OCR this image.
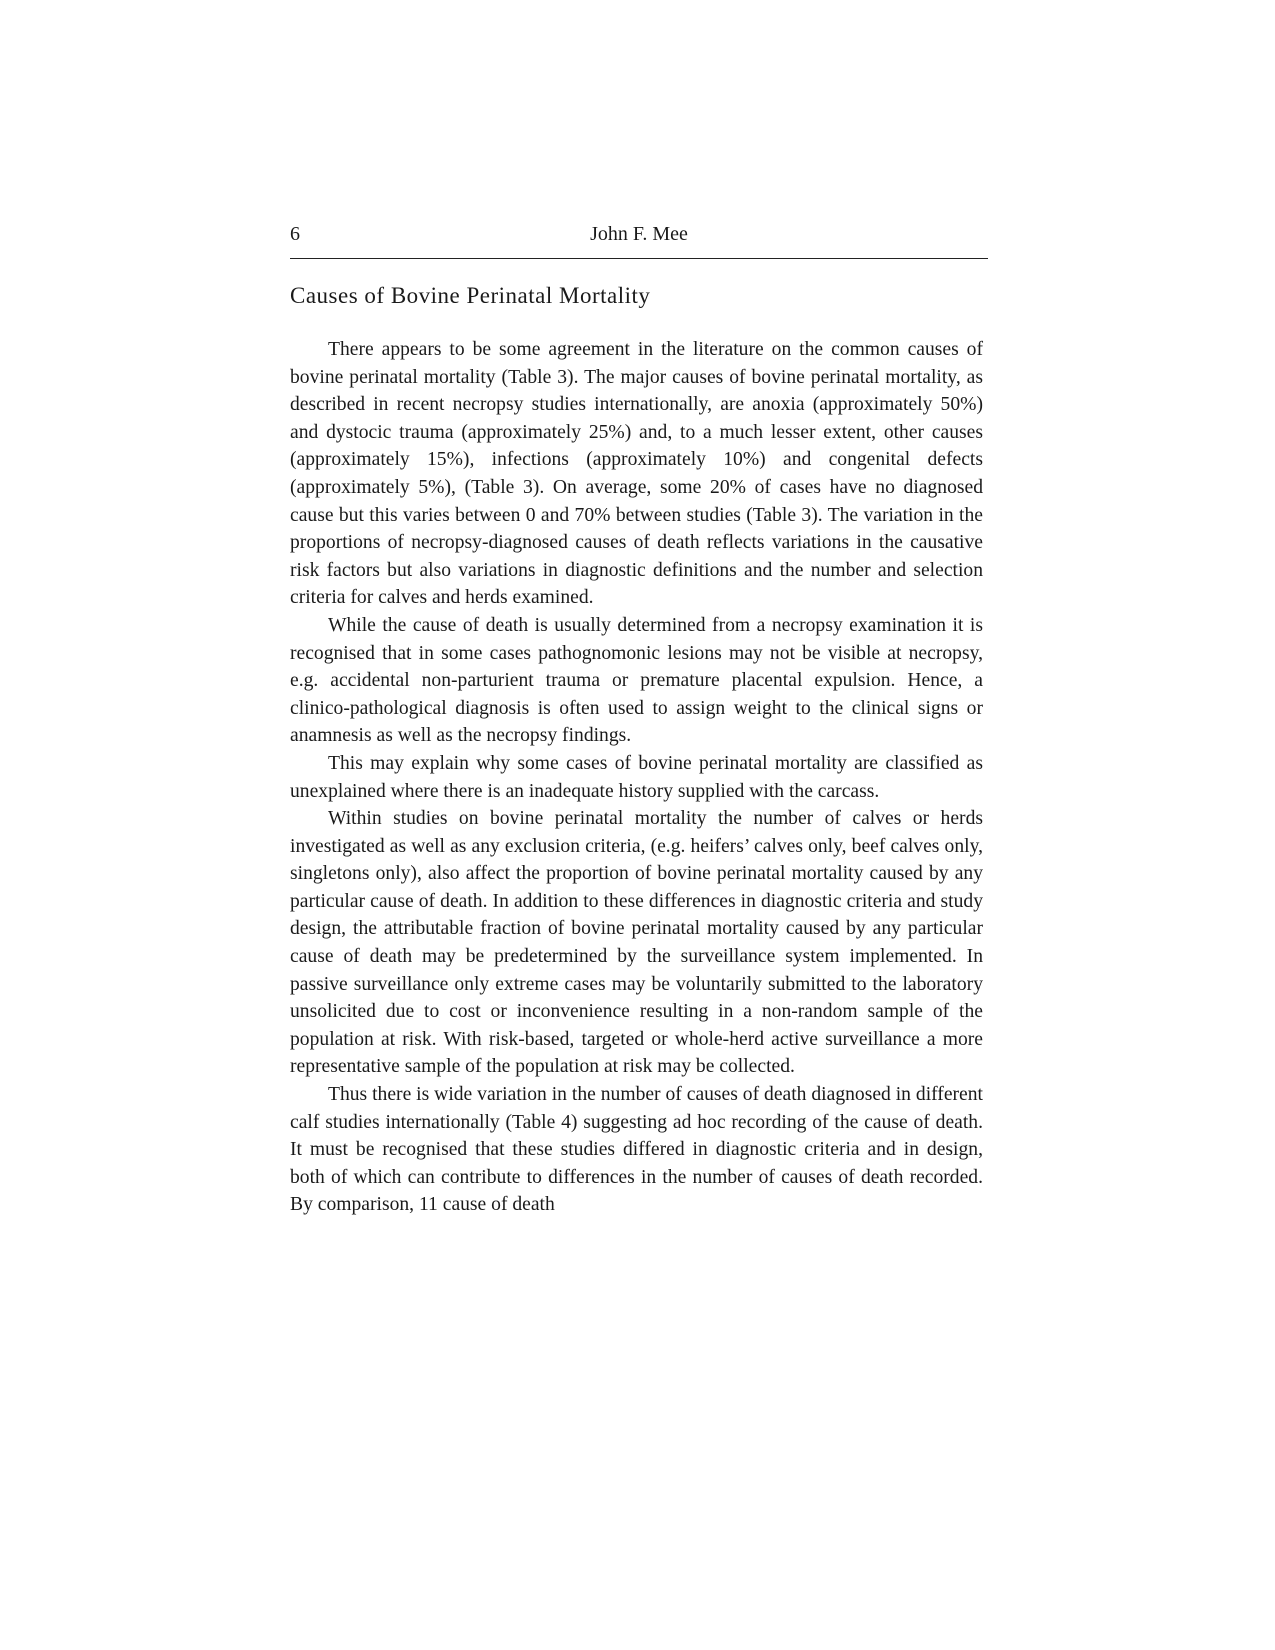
6	John F. Mee
Causes of Bovine Perinatal Mortality

There appears to be some agreement in the literature on the common causes of bovine perinatal mortality (Table 3). The major causes of bovine perinatal mortality, as described in recent necropsy studies internationally, are anoxia (approximately 50%) and dystocic trauma (approximately 25%) and, to a much lesser extent, other causes (approximately 15%), infections (approximately 10%) and congenital defects (approximately 5%), (Table 3). On average, some 20% of cases have no diagnosed cause but this varies between 0 and 70% between studies (Table 3). The variation in the proportions of necropsy-diagnosed causes of death reflects variations in the causative risk factors but also variations in diagnostic definitions and the number and selection criteria for calves and herds examined.

While the cause of death is usually determined from a necropsy examination it is recognised that in some cases pathognomonic lesions may not be visible at necropsy, e.g. accidental non-parturient trauma or premature placental expulsion. Hence, a clinico-pathological diagnosis is often used to assign weight to the clinical signs or anamnesis as well as the necropsy findings.

This may explain why some cases of bovine perinatal mortality are classified as unexplained where there is an inadequate history supplied with the carcass.

Within studies on bovine perinatal mortality the number of calves or herds investigated as well as any exclusion criteria, (e.g. heifers’ calves only, beef calves only, singletons only), also affect the proportion of bovine perinatal mortality caused by any particular cause of death. In addition to these differences in diagnostic criteria and study design, the attributable fraction of bovine perinatal mortality caused by any particular cause of death may be predetermined by the surveillance system implemented. In passive surveillance only extreme cases may be voluntarily submitted to the laboratory unsolicited due to cost or inconvenience resulting in a non-random sample of the population at risk. With risk-based, targeted or whole-herd active surveillance a more representative sample of the population at risk may be collected.

Thus there is wide variation in the number of causes of death diagnosed in different calf studies internationally (Table 4) suggesting ad hoc recording of the cause of death. It must be recognised that these studies differed in diagnostic criteria and in design, both of which can contribute to differences in the number of causes of death recorded. By comparison, 11 cause of death
